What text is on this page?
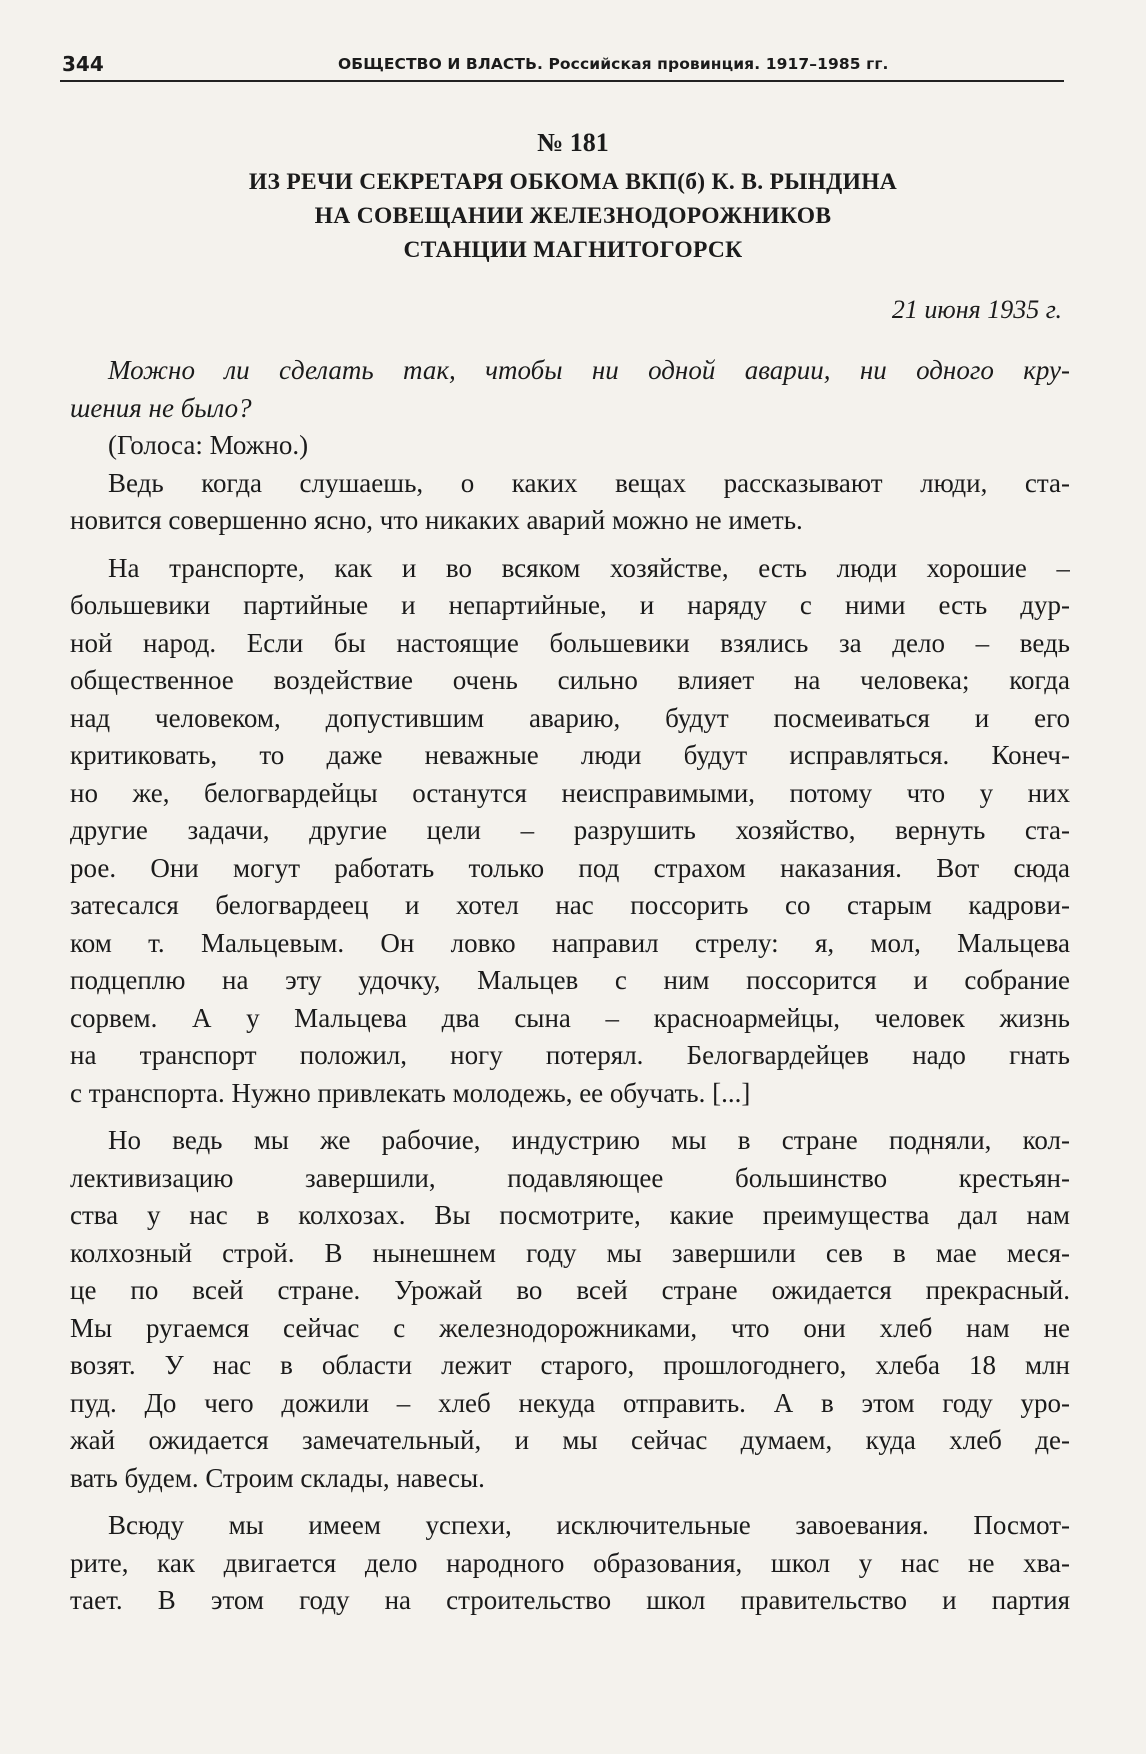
344	ОБЩЕСТВО И ВЛАСТЬ. Российская провинция. 1917–1985 гг.
№ 181
ИЗ РЕЧИ СЕКРЕТАРЯ ОБКОМА ВКП(б) К. В. РЫНДИНА
НА СОВЕЩАНИИ ЖЕЛЕЗНОДОРОЖНИКОВ
СТАНЦИИ МАГНИТОГОРСК
21 июня 1935 г.
Можно ли сделать так, чтобы ни одной аварии, ни одного кру-
шения не было?
(Голоса: Можно.)
Ведь когда слушаешь, о каких вещах рассказывают люди, ста-
новится совершенно ясно, что никаких аварий можно не иметь.
На транспорте, как и во всяком хозяйстве, есть люди хорошие –
большевики партийные и непартийные, и наряду с ними есть дур-
ной народ. Если бы настоящие большевики взялись за дело – ведь
общественное воздействие очень сильно влияет на человека; когда
над человеком, допустившим аварию, будут посмеиваться и его
критиковать, то даже неважные люди будут исправляться. Конеч-
но же, белогвардейцы останутся неисправимыми, потому что у них
другие задачи, другие цели – разрушить хозяйство, вернуть ста-
рое. Они могут работать только под страхом наказания. Вот сюда
затесался белогвардеец и хотел нас поссорить со старым кадрови-
ком т. Мальцевым. Он ловко направил стрелу: я, мол, Мальцева
подцеплю на эту удочку, Мальцев с ним поссорится и собрание
сорвем. А у Мальцева два сына – красноармейцы, человек жизнь
на транспорт положил, ногу потерял. Белогвардейцев надо гнать
с транспорта. Нужно привлекать молодежь, ее обучать. [...]
Но ведь мы же рабочие, индустрию мы в стране подняли, кол-
лективизацию завершили, подавляющее большинство крестьян-
ства у нас в колхозах. Вы посмотрите, какие преимущества дал нам
колхозный строй. В нынешнем году мы завершили сев в мае меся-
це по всей стране. Урожай во всей стране ожидается прекрасный.
Мы ругаемся сейчас с железнодорожниками, что они хлеб нам не
возят. У нас в области лежит старого, прошлогоднего, хлеба 18 млн
пуд. До чего дожили – хлеб некуда отправить. А в этом году уро-
жай ожидается замечательный, и мы сейчас думаем, куда хлеб де-
вать будем. Строим склады, навесы.
Всюду мы имеем успехи, исключительные завоевания. Посмот-
рите, как двигается дело народного образования, школ у нас не хва-
тает. В этом году на строительство школ правительство и партия
